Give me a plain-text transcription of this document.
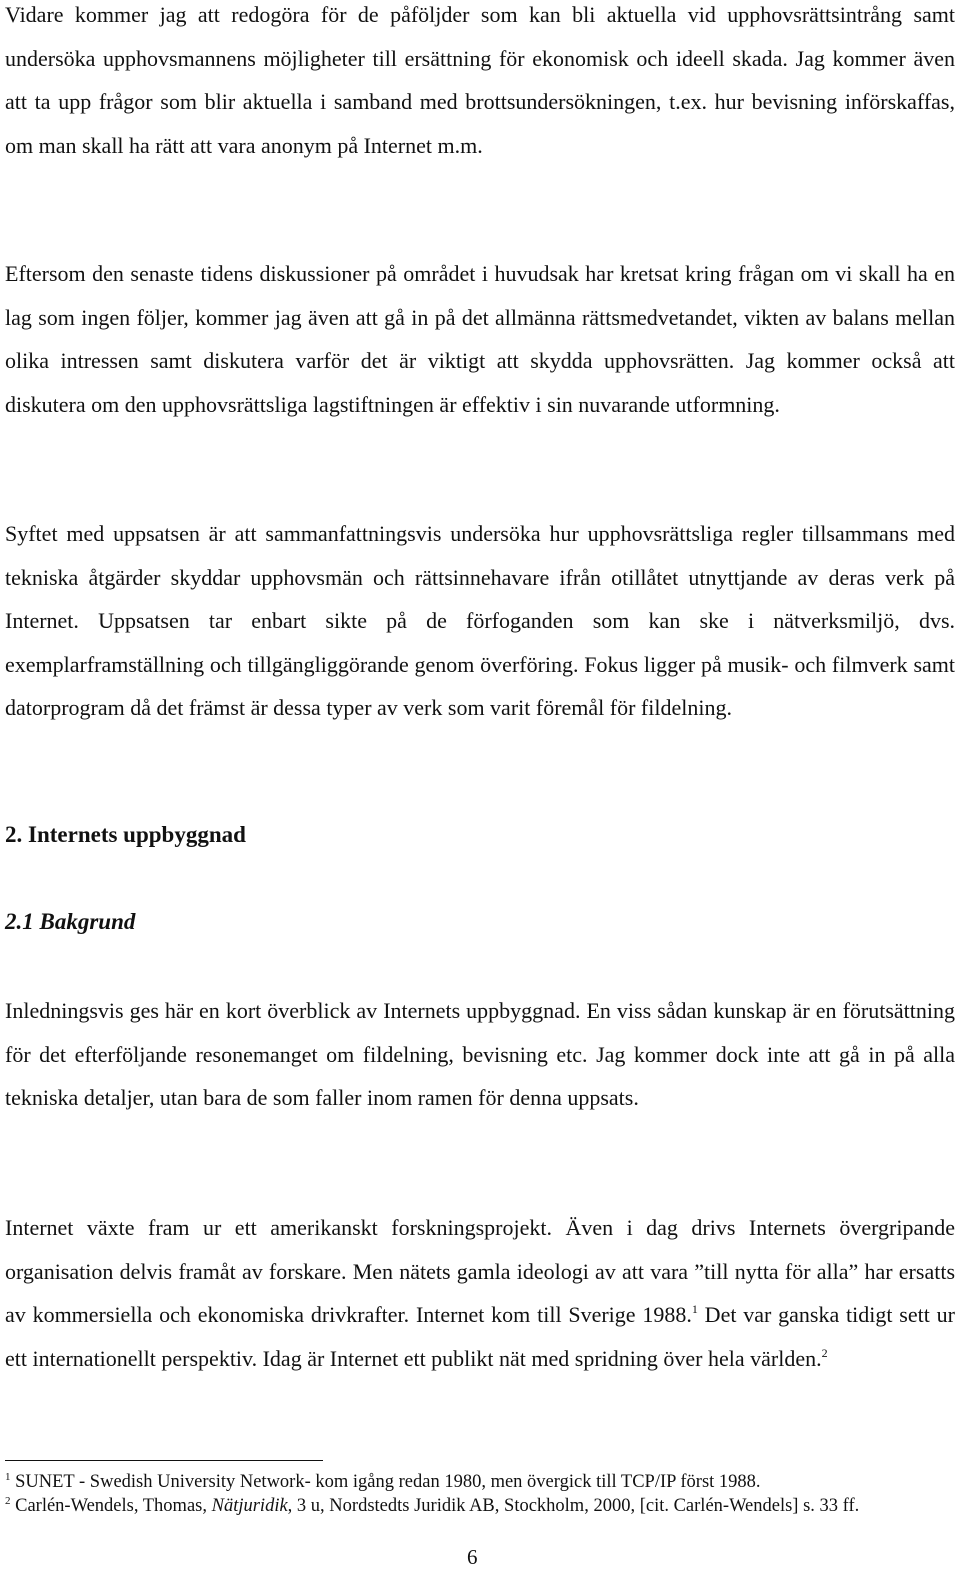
Vidare kommer jag att redogöra för de påföljder som kan bli aktuella vid upphovsrättsintrång samt undersöka upphovsmannens möjligheter till ersättning för ekonomisk och ideell skada. Jag kommer även att ta upp frågor som blir aktuella i samband med brottsundersökningen, t.ex. hur bevisning införskaffas, om man skall ha rätt att vara anonym på Internet m.m.

Eftersom den senaste tidens diskussioner på området i huvudsak har kretsat kring frågan om vi skall ha en lag som ingen följer, kommer jag även att gå in på det allmänna rättsmedvetandet, vikten av balans mellan olika intressen samt diskutera varför det är viktigt att skydda upphovsrätten. Jag kommer också att diskutera om den upphovsrättsliga lagstiftningen är effektiv i sin nuvarande utformning.

Syftet med uppsatsen är att sammanfattningsvis undersöka hur upphovsrättsliga regler tillsammans med tekniska åtgärder skyddar upphovsmän och rättsinnehavare ifrån otillåtet utnyttjande av deras verk på Internet. Uppsatsen tar enbart sikte på de förfoganden som kan ske i nätverksmiljö, dvs. exemplarframställning och tillgängliggörande genom överföring. Fokus ligger på musik- och filmverk samt datorprogram då det främst är dessa typer av verk som varit föremål för fildelning.

2. Internets uppbyggnad
2.1 Bakgrund

Inledningsvis ges här en kort överblick av Internets uppbyggnad. En viss sådan kunskap är en förutsättning för det efterföljande resonemanget om fildelning, bevisning etc. Jag kommer dock inte att gå in på alla tekniska detaljer, utan bara de som faller inom ramen för denna uppsats.

Internet växte fram ur ett amerikanskt forskningsprojekt. Även i dag drivs Internets övergripande organisation delvis framåt av forskare. Men nätets gamla ideologi av att vara ”till nytta för alla” har ersatts av kommersiella och ekonomiska drivkrafter. Internet kom till Sverige 1988.$^1$ Det var ganska tidigt sett ur ett internationellt perspektiv. Idag är Internet ett publikt nät med spridning över hela världen.$^2$

$^1$ SUNET - Swedish University Network- kom igång redan 1980, men övergick till TCP/IP först 1988.

$^2$ Carlén-Wendels, Thomas, Nätjuridik, 3 u, Nordstedts Juridik AB, Stockholm, 2000, [cit. Carlén-Wendels] s. 33 ff.

6
